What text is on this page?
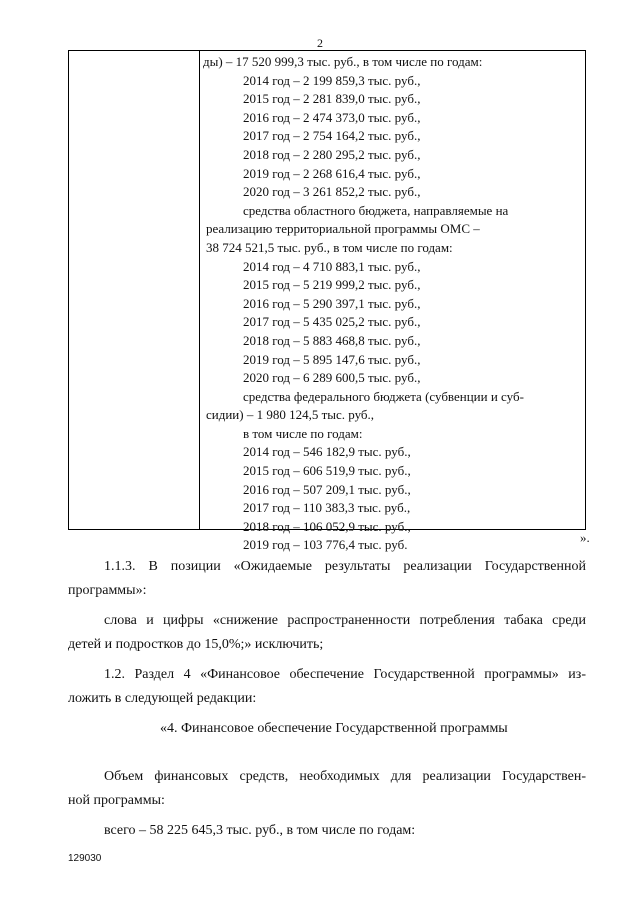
2
ды) – 17 520 999,3 тыс. руб., в том числе по годам:
2014 год – 2 199 859,3 тыс. руб.,
2015 год – 2 281 839,0 тыс. руб.,
2016 год – 2 474 373,0 тыс. руб.,
2017 год – 2 754 164,2 тыс. руб.,
2018 год – 2 280 295,2 тыс. руб.,
2019 год – 2 268 616,4 тыс. руб.,
2020 год – 3 261 852,2 тыс. руб.,
средства областного бюджета, направляемые на
реализацию территориальной программы ОМС –
38 724 521,5 тыс. руб., в том числе по годам:
2014 год – 4 710 883,1 тыс. руб.,
2015 год – 5 219 999,2 тыс. руб.,
2016 год – 5 290 397,1 тыс. руб.,
2017 год – 5 435 025,2 тыс. руб.,
2018 год – 5 883 468,8 тыс. руб.,
2019 год – 5 895 147,6 тыс. руб.,
2020 год – 6 289 600,5 тыс. руб.,
средства федерального бюджета (субвенции и суб-
сидии) – 1 980 124,5 тыс. руб.,
в том числе по годам:
2014 год – 546 182,9 тыс. руб.,
2015 год – 606 519,9 тыс. руб.,
2016 год – 507 209,1 тыс. руб.,
2017 год – 110 383,3 тыс. руб.,
2018 год – 106 052,9 тыс. руб.,
2019 год – 103 776,4 тыс. руб.	».
1.1.3. В позиции «Ожидаемые результаты реализации Государственной
программы»:
слова и цифры «снижение распространенности потребления табака среди
детей и подростков до 15,0%;» исключить;
1.2. Раздел 4 «Финансовое обеспечение Государственной программы» из-
ложить в следующей редакции:
«4. Финансовое обеспечение Государственной программы
Объем финансовых средств, необходимых для реализации Государствен-
ной программы:
всего – 58 225 645,3 тыс. руб., в том числе по годам:
129030
